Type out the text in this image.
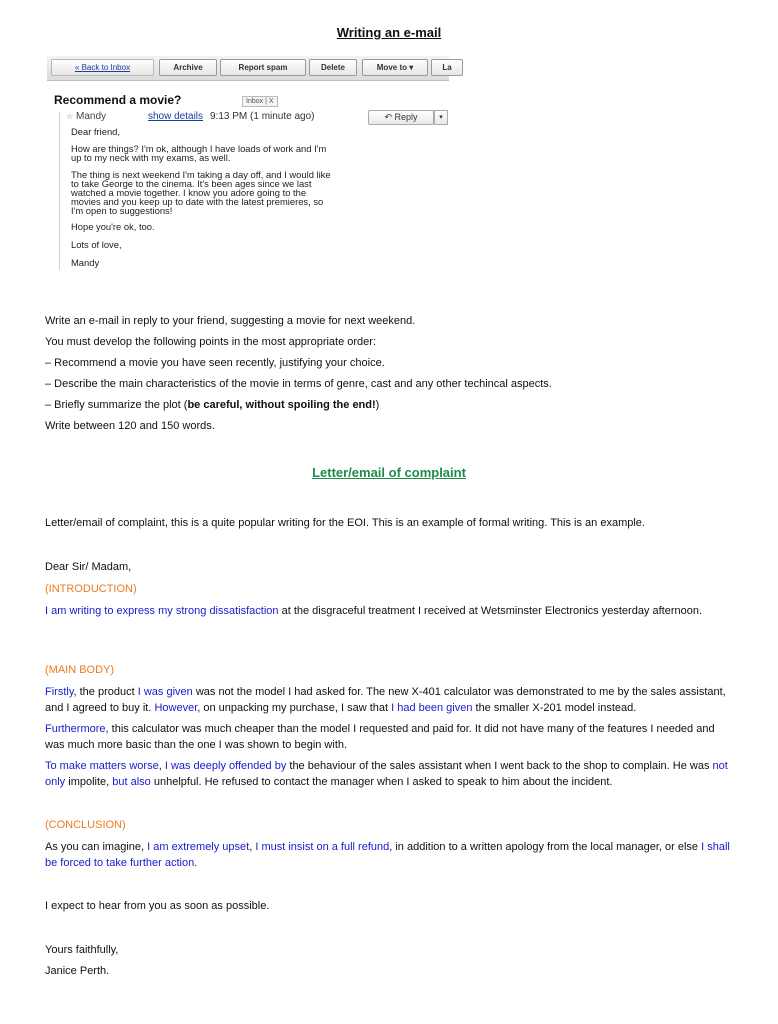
Writing an e-mail
« Back to Inbox	Archive	Report spam	Delete	Move to ▾	La
Recommend a movie?	Inbox | X
☆ Mandy	show details 9:13 PM (1 minute ago)	↶ Reply	▾
Dear friend,
How are things? I'm ok, although I have loads of work and I'm
up to my neck with my exams, as well.
The thing is next weekend I'm taking a day off, and I would like
to take George to the cinema. It's been ages since we last
watched a movie together. I know you adore going to the
movies and you keep up to date with the latest premieres, so
I'm open to suggestions!
Hope you're ok, too.
Lots of love,
Mandy
Write an e-mail in reply to your friend, suggesting a movie for next weekend.
You must develop the following points in the most appropriate order:
– Recommend a movie you have seen recently, justifying your choice.
– Describe the main characteristics of the movie in terms of genre, cast and any other techincal aspects.
– Briefly summarize the plot (be careful, without spoiling the end!)
Write between 120 and 150 words.
Letter/email of complaint
Letter/email of complaint, this is a quite popular writing for the EOI. This is an example of formal writing. This is an example.
Dear Sir/ Madam,
(INTRODUCTION)
I am writing to express my strong dissatisfaction at the disgraceful treatment I received at Wetsminster Electronics yesterday afternoon.
(MAIN BODY)
Firstly, the product I was given was not the model I had asked for. The new X-401 calculator was demonstrated to me by the sales assistant, and I agreed to buy it. However, on unpacking my purchase, I saw that I had been given the smaller X-201 model instead.
Furthermore, this calculator was much cheaper than the model I requested and paid for. It did not have many of the features I needed and was much more basic than the one I was shown to begin with.
To make matters worse, I was deeply offended by the behaviour of the sales assistant when I went back to the shop to complain. He was not only impolite, but also unhelpful. He refused to contact the manager when I asked to speak to him about the incident.
(CONCLUSION)
As you can imagine, I am extremely upset, I must insist on a full refund, in addition to a written apology from the local manager, or else I shall be forced to take further action.
I expect to hear from you as soon as possible.
Yours faithfully,
Janice Perth.
